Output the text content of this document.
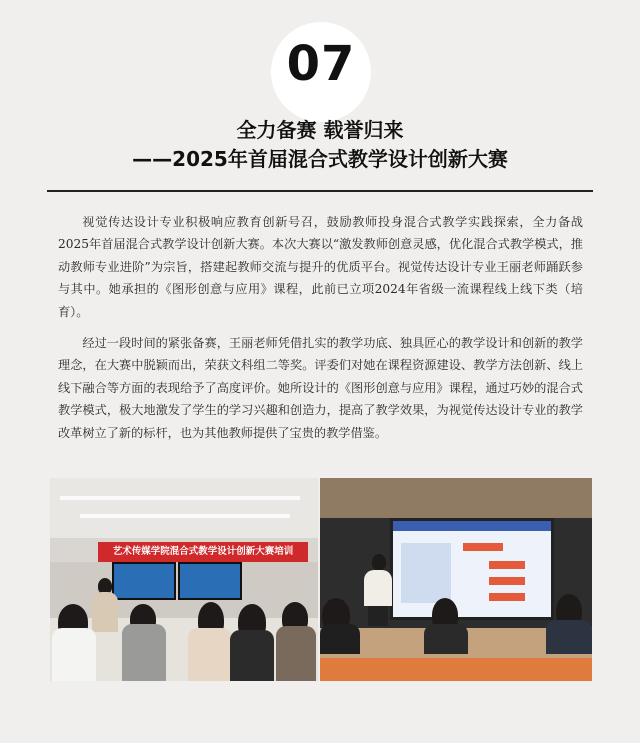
07
全力备赛 载誉归来
——2025年首届混合式教学设计创新大赛

视觉传达设计专业积极响应教育创新号召，鼓励教师投身混合式教学实践探索，全力备战2025年首届混合式教学设计创新大赛。本次大赛以“激发教师创意灵感，优化混合式教学模式，推动教师专业进阶”为宗旨，搭建起教师交流与提升的优质平台。视觉传达设计专业王丽老师踊跃参与其中。她承担的《图形创意与应用》课程，此前已立项2024年省级一流课程线上线下类（培育）。

经过一段时间的紧张备赛，王丽老师凭借扎实的教学功底、独具匠心的教学设计和创新的教学理念，在大赛中脱颖而出，荣获文科组二等奖。评委们对她在课程资源建设、教学方法创新、线上线下融合等方面的表现给予了高度评价。她所设计的《图形创意与应用》课程，通过巧妙的混合式教学模式，极大地激发了学生的学习兴趣和创造力，提高了教学效果，为视觉传达设计专业的教学改革树立了新的标杆，也为其他教师提供了宝贵的教学借鉴。

艺术传媒学院混合式教学设计创新大赛培训
